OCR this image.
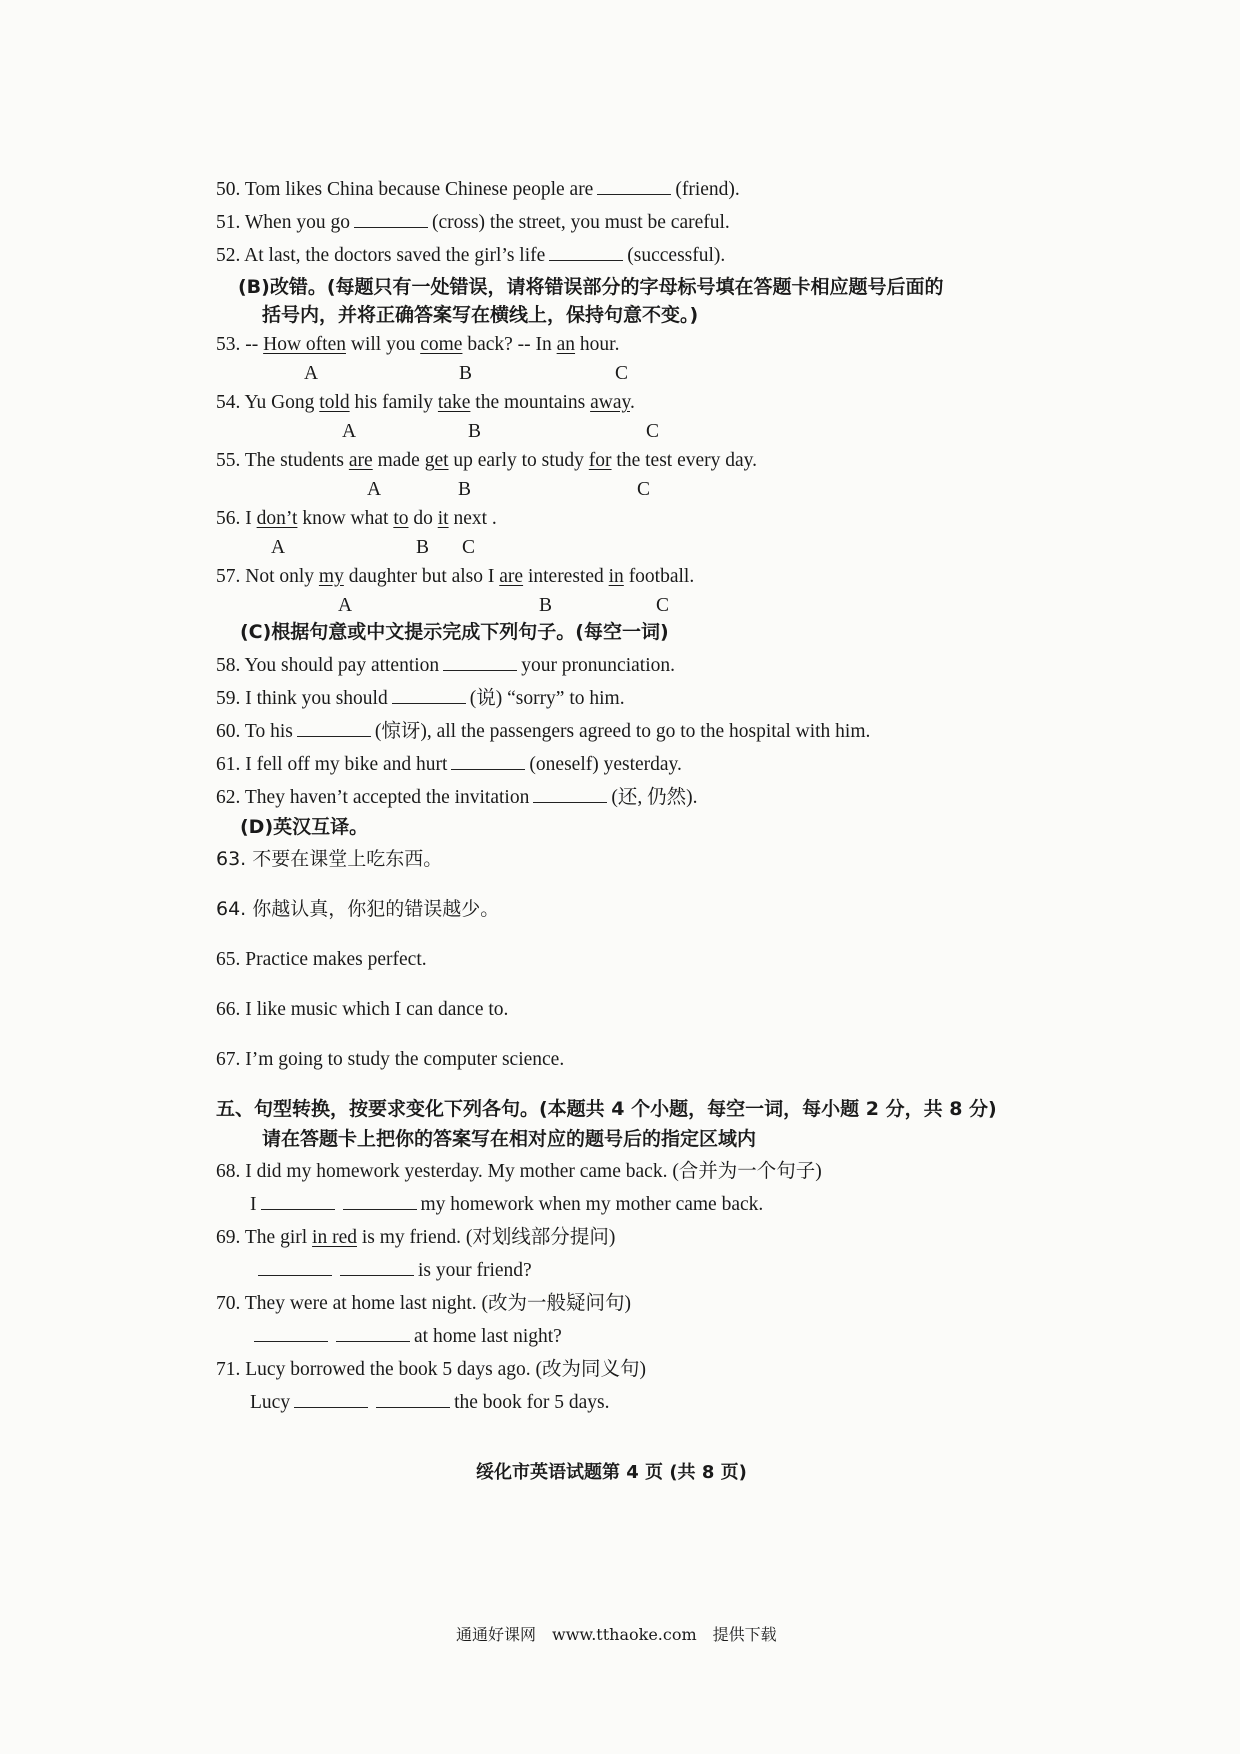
50. Tom likes China because Chinese people are	(friend).
51. When you go	(cross) the street, you must be careful.
52. At last, the doctors saved the girl’s life	(successful).
(B)改错。(每题只有一处错误，请将错误部分的字母标号填在答题卡相应题号后面的
括号内，并将正确答案写在横线上，保持句意不变。)
53. -- How often will you come back? -- In an hour.
A	B	C
54. Yu Gong told his family take the mountains away.
A	B	C
55. The students are made get up early to study for the test every day.
A	B	C
56. I don’t know what to do it next .
A	B C
57. Not only my daughter but also I are interested in football.
A	B	C
(C)根据句意或中文提示完成下列句子。(每空一词)
58. You should pay attention	your pronunciation.
59. I think you should	(说) “sorry” to him.
60. To his	(惊讶), all the passengers agreed to go to the hospital with him.
61. I fell off my bike and hurt	(oneself) yesterday.
62. They haven’t accepted the invitation	(还, 仍然).
(D)英汉互译。
63. 不要在课堂上吃东西。
64. 你越认真，你犯的错误越少。
65. Practice makes perfect.
66. I like music which I can dance to.
67. I’m going to study the computer science.
五、句型转换，按要求变化下列各句。(本题共 4 个小题，每空一词，每小题 2 分，共 8 分)
请在答题卡上把你的答案写在相对应的题号后的指定区域内
68. I did my homework yesterday. My mother came back. (合并为一个句子)
I	my homework when my mother came back.
69. The girl in red is my friend. (对划线部分提问)
is your friend?
70. They were at home last night. (改为一般疑问句)
at home last night?
71. Lucy borrowed the book 5 days ago. (改为同义句)
Lucy	the book for 5 days.
绥化市英语试题第 4 页 (共 8 页)
通通好课网 www.tthaoke.com 提供下载
